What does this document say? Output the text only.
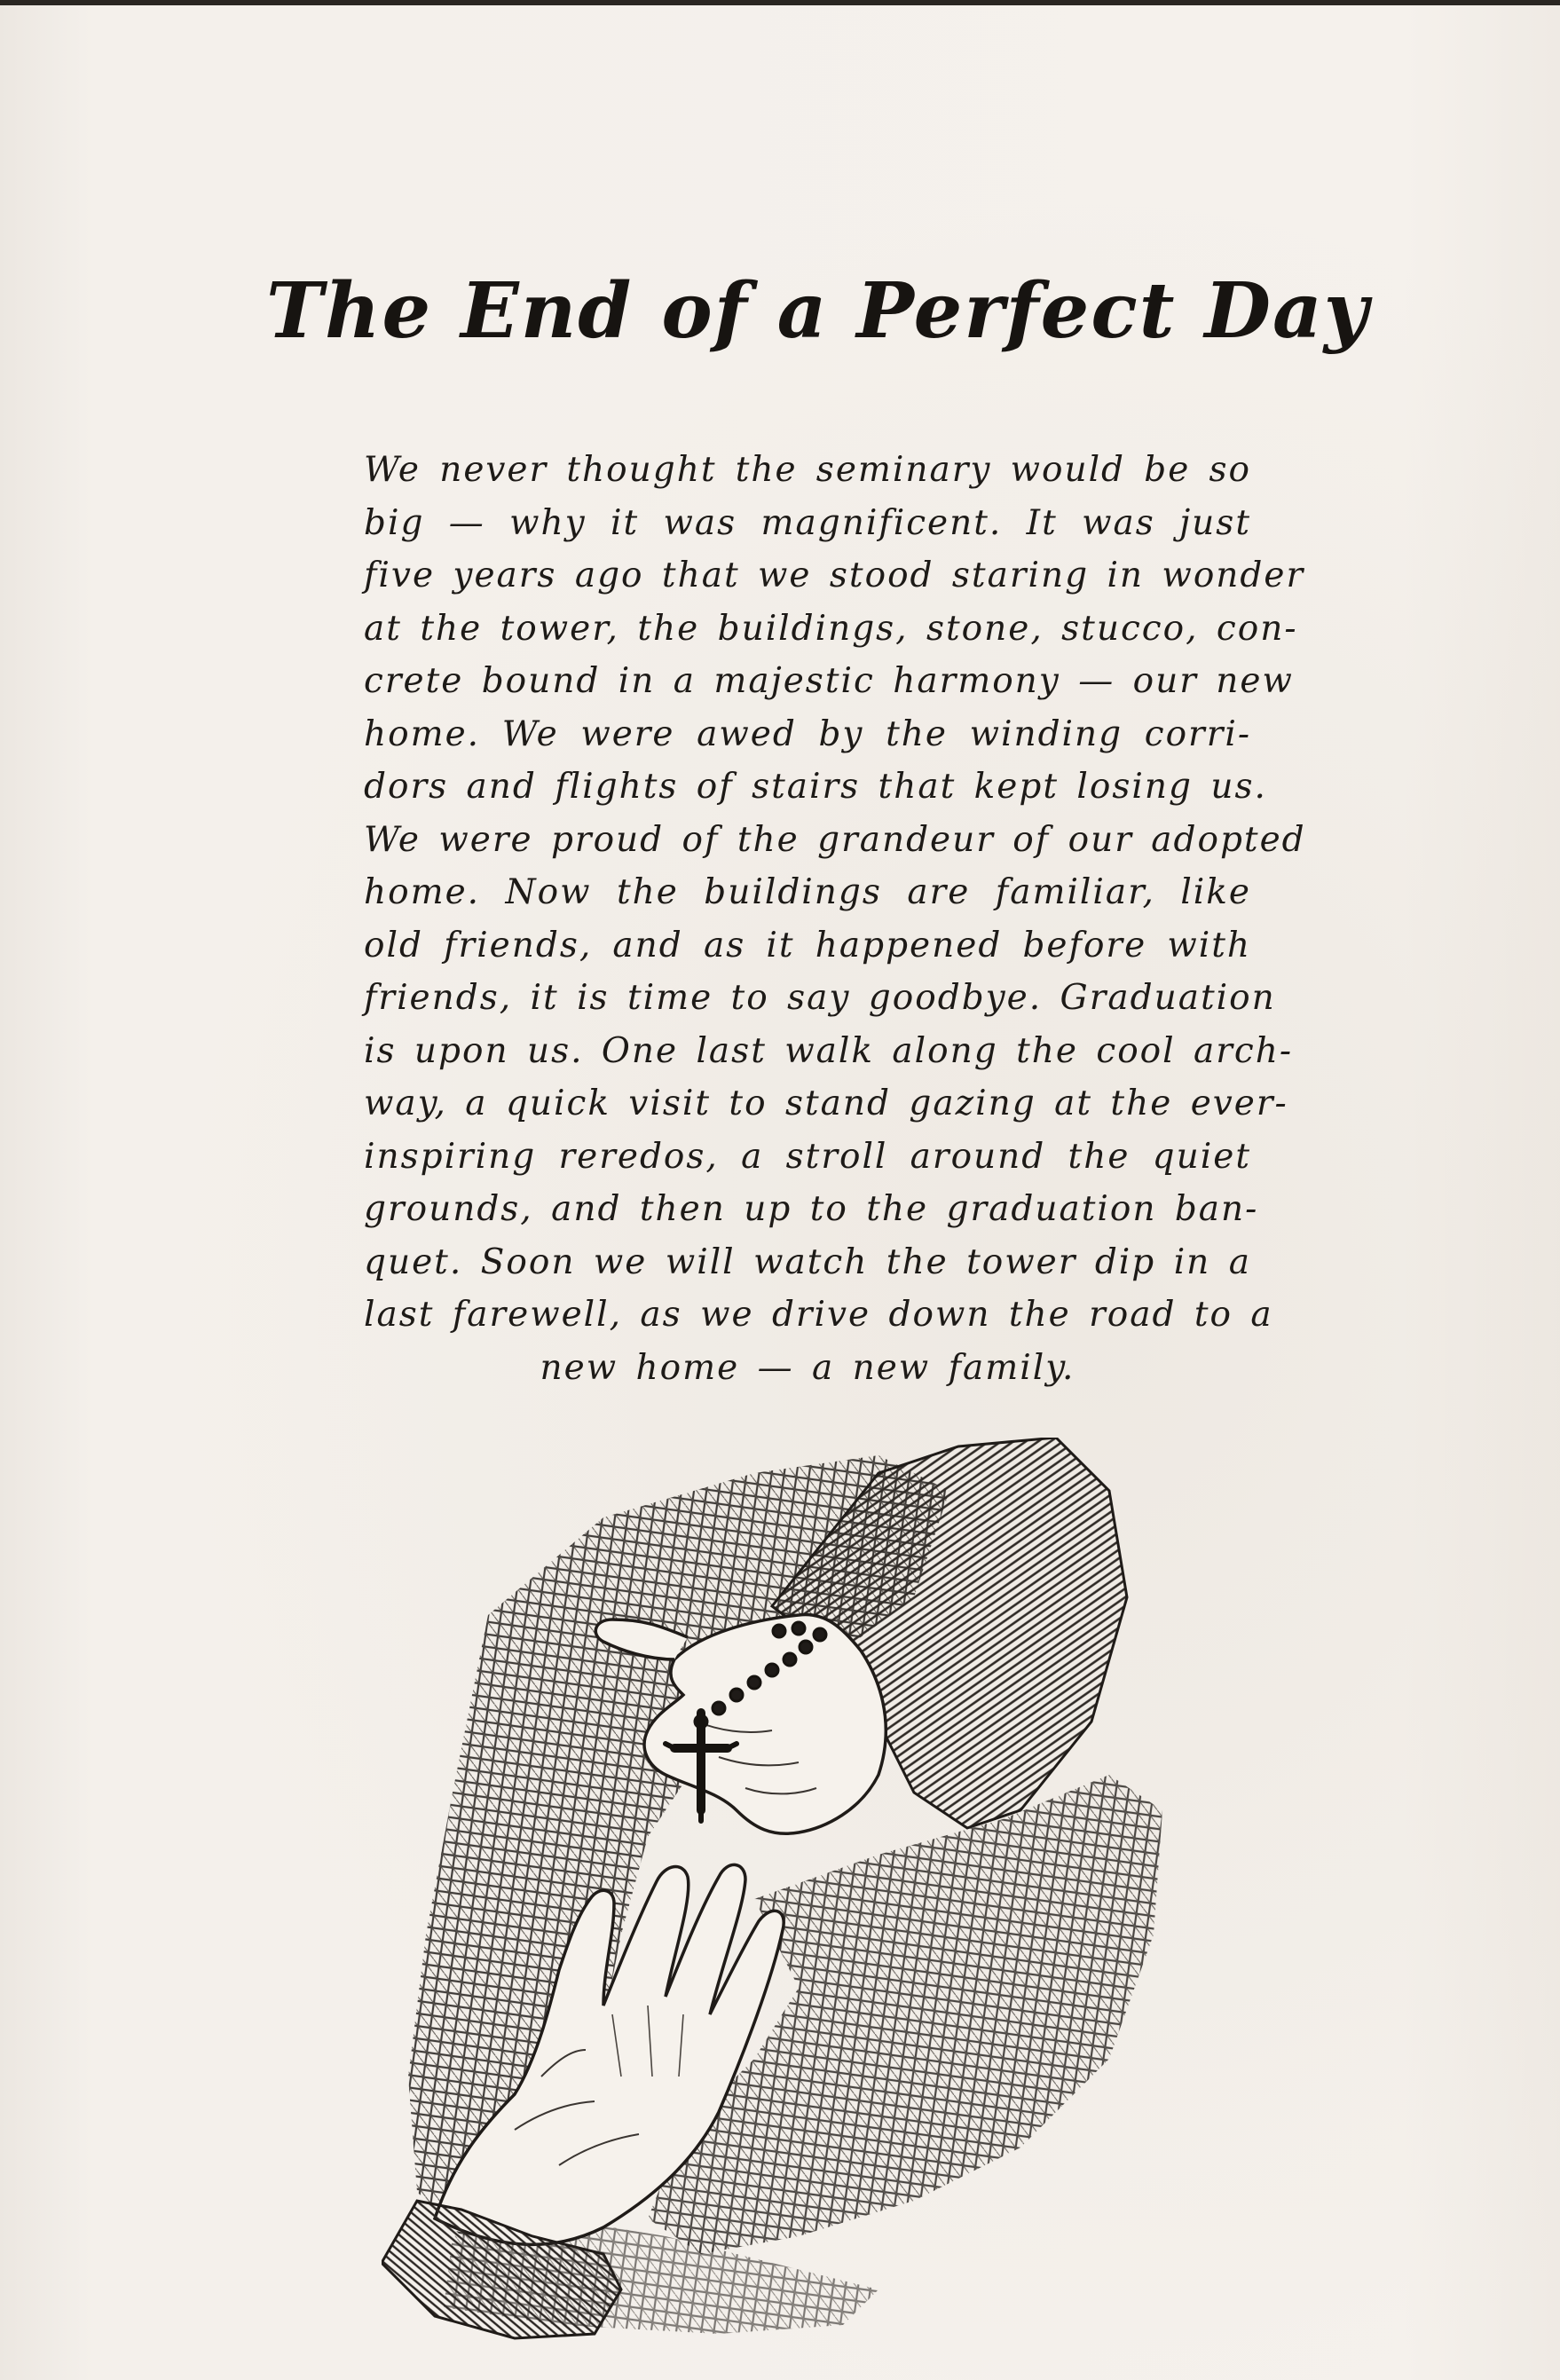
The End of a Perfect Day
We never thought the seminary would be so
big — why it was magnificent. It was just
five years ago that we stood staring in wonder
at the tower, the buildings, stone, stucco, con-
crete bound in a majestic harmony — our new
home. We were awed by the winding corri-
dors and flights of stairs that kept losing us.
We were proud of the grandeur of our adopted
home. Now the buildings are familiar, like
old friends, and as it happened before with
friends, it is time to say goodbye. Graduation
is upon us. One last walk along the cool arch-
way, a quick visit to stand gazing at the ever-
inspiring reredos, a stroll around the quiet
grounds, and then up to the graduation ban-
quet. Soon we will watch the tower dip in a
last farewell, as we drive down the road to a
new home — a new family.
